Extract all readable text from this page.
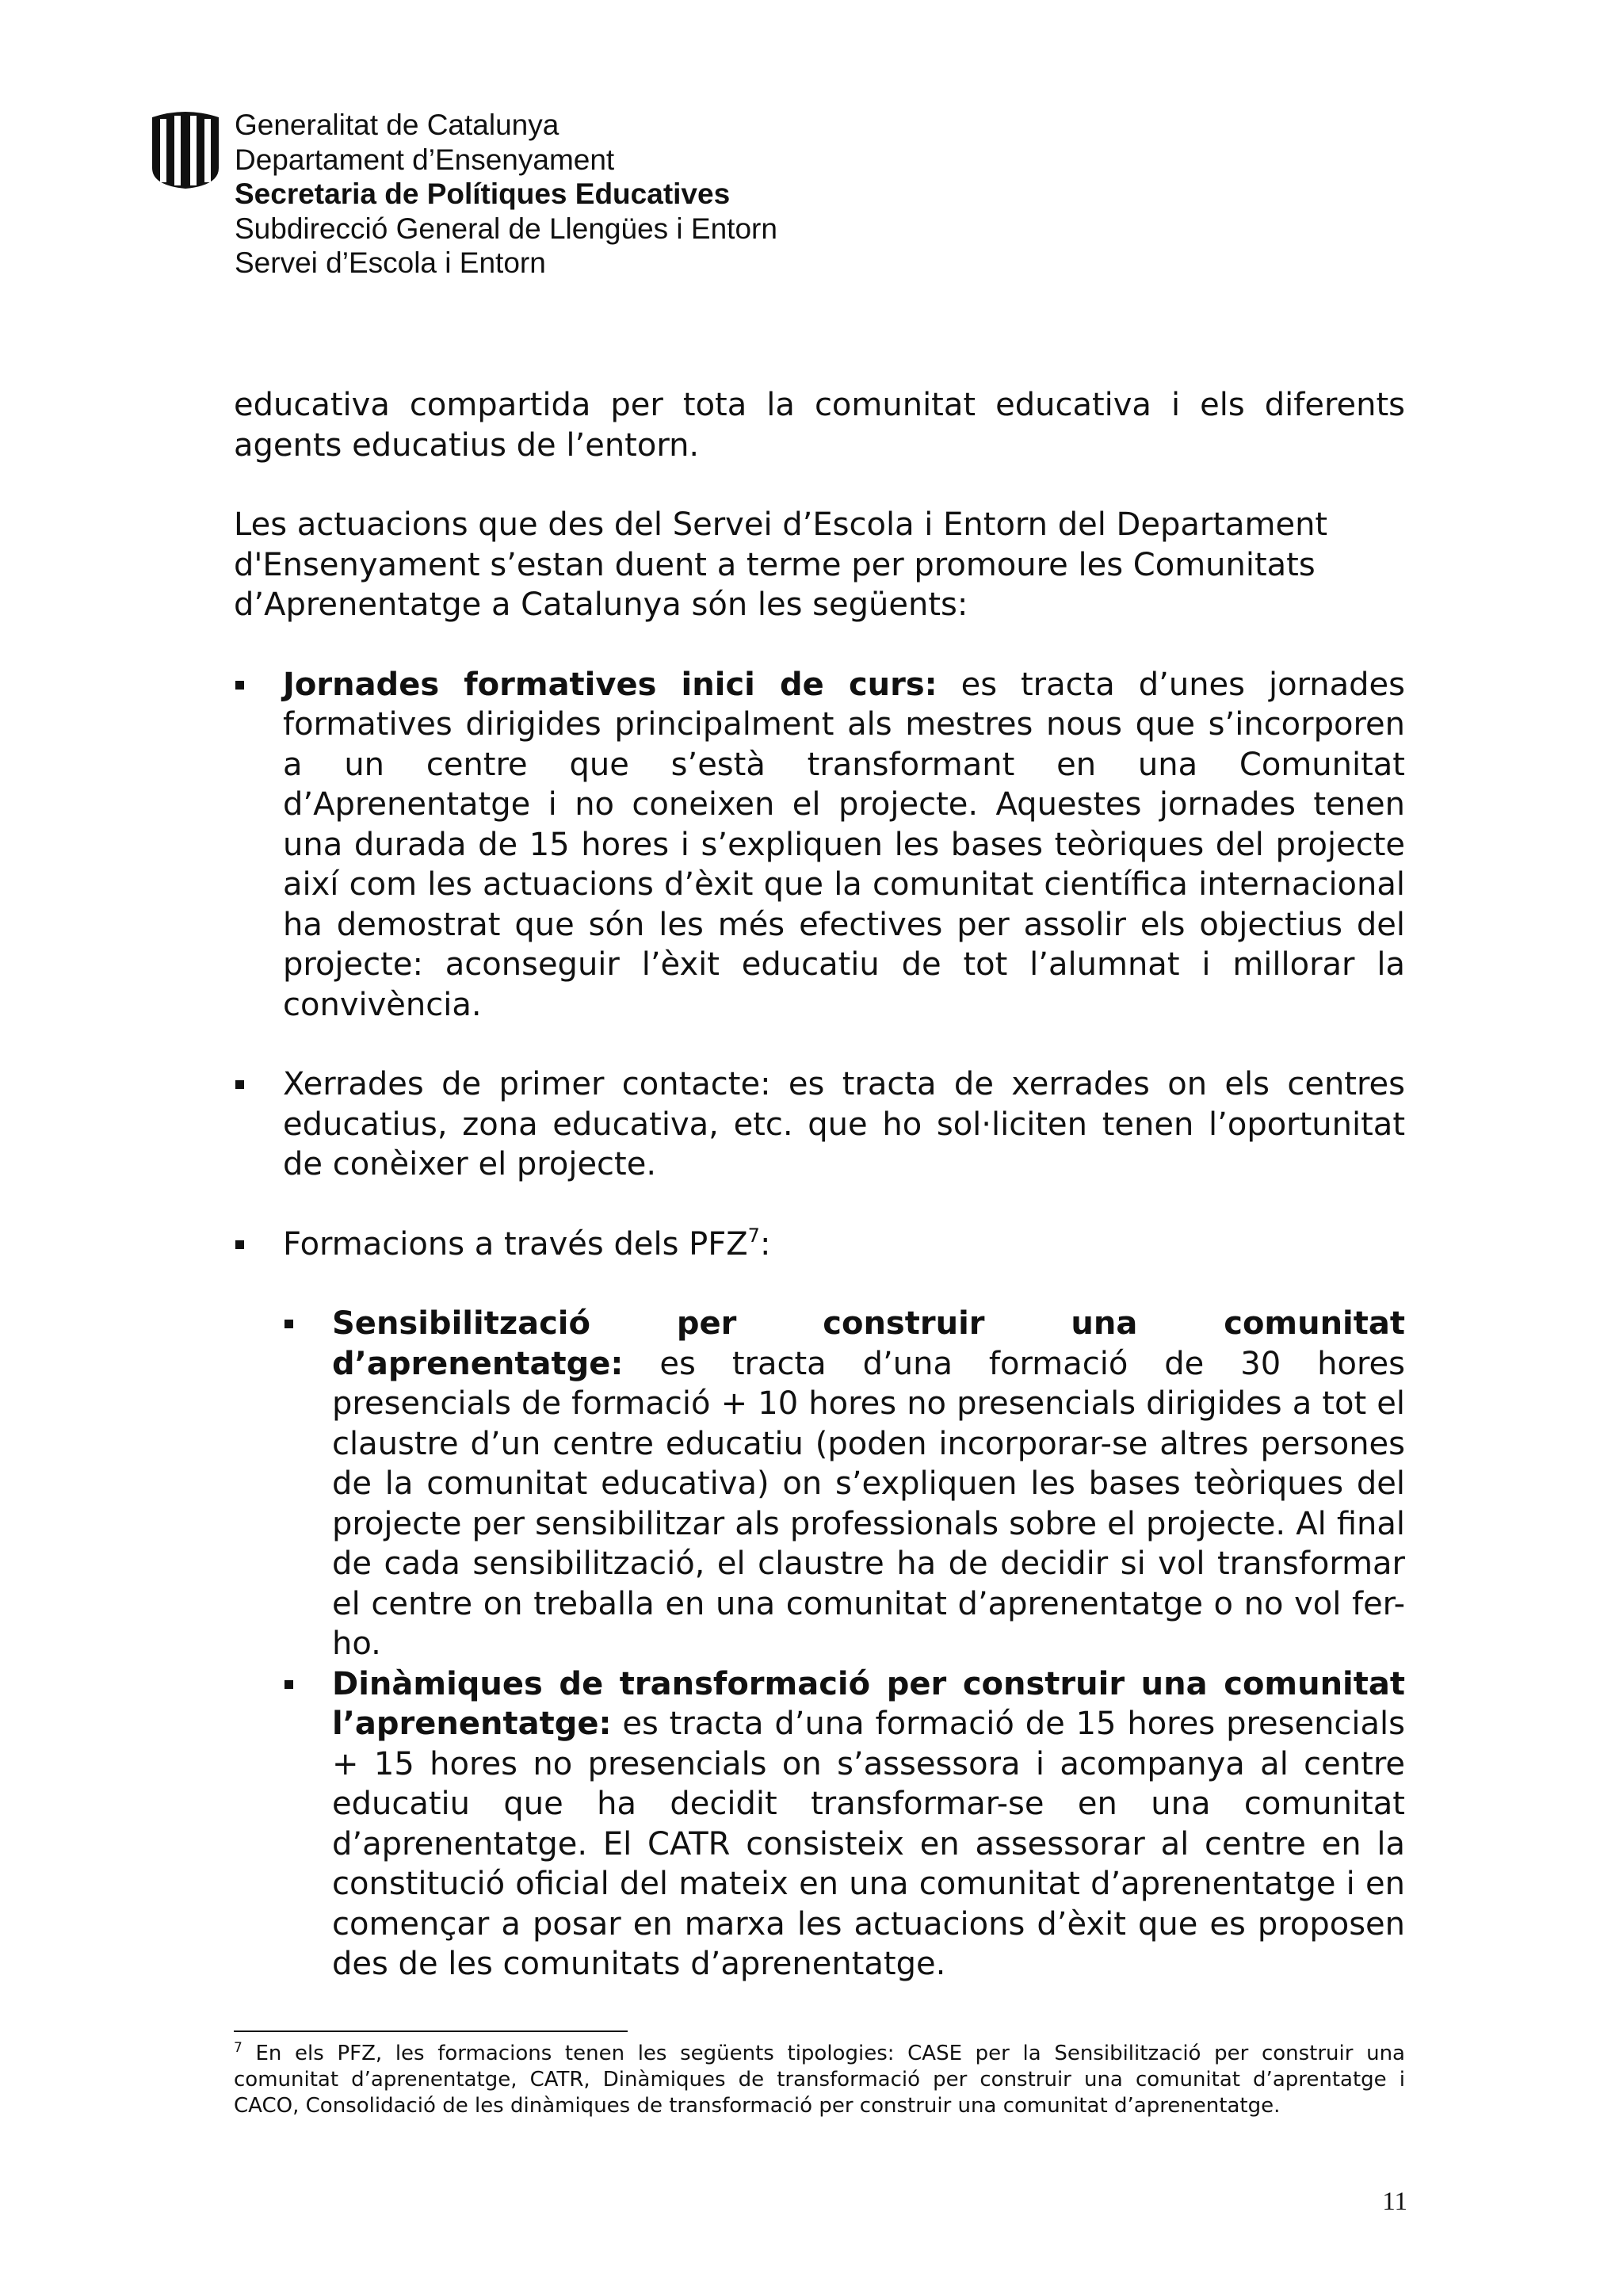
Generalitat de Catalunya
Departament d’Ensenyament
Secretaria de Polítiques Educatives
Subdirecció General de Llengües i Entorn
Servei d’Escola i Entorn

educativa compartida per tota la comunitat educativa i els diferents agents educatius de l’entorn.

Les actuacions que des del Servei d’Escola i Entorn del Departament d'Ensenyament s’estan duent a terme per promoure les Comunitats d’Aprenentatge a Catalunya són les següents:

Jornades formatives inici de curs: es tracta d’unes jornades formatives dirigides principalment als mestres nous que s’incorporen a un centre que s’està transformant en una Comunitat d’Aprenentatge i no coneixen el projecte. Aquestes jornades tenen una durada de 15 hores i s’expliquen les bases teòriques del projecte així com les actuacions d’èxit que la comunitat científica internacional ha demostrat que són les més efectives per assolir els objectius del projecte: aconseguir l’èxit educatiu de tot l’alumnat i millorar la convivència.
Xerrades de primer contacte: es tracta de xerrades on els centres educatius, zona educativa, etc. que ho sol·liciten tenen l’oportunitat de conèixer el projecte.
Formacions a través dels PFZ$^7$:
Sensibilització per construir una comunitat d’aprenentatge: es tracta d’una formació de 30 hores presencials de formació + 10 hores no presencials dirigides a tot el claustre d’un centre educatiu (poden incorporar-se altres persones de la comunitat educativa) on s’expliquen les bases teòriques del projecte per sensibilitzar als professionals sobre el projecte. Al final de cada sensibilització, el claustre ha de decidir si vol transformar el centre on treballa en una comunitat d’aprenentatge o no vol fer-ho.
Dinàmiques de transformació per construir una comunitat l’aprenentatge: es tracta d’una formació de 15 hores presencials + 15 hores no presencials on s’assessora i acompanya al centre educatiu que ha decidit transformar-se en una comunitat d’aprenentatge. El CATR consisteix en assessorar al centre en la constitució oficial del mateix en una comunitat d’aprenentatge i en començar a posar en marxa les actuacions d’èxit que es proposen des de les comunitats d’aprenentatge.
$^7$ En els PFZ, les formacions tenen les següents tipologies: CASE per la Sensibilització per construir una comunitat d’aprenentatge, CATR, Dinàmiques de transformació per construir una comunitat d’aprentatge i CACO, Consolidació de les dinàmiques de transformació per construir una comunitat d’aprenentatge.
11
